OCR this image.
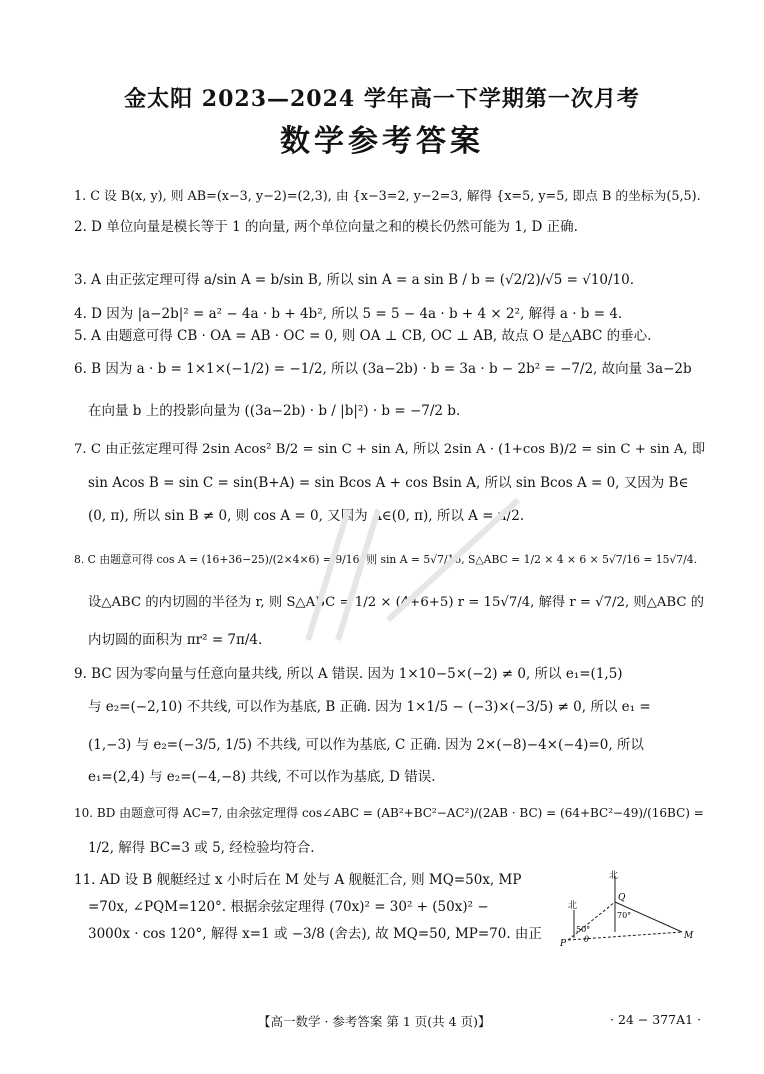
金太阳 2023—2024 学年高一下学期第一次月考
数学参考答案
1. C 设 B(x, y), 则 AB=(x−3, y−2)=(2,3), 由 {x−3=2, y−2=3, 解得 {x=5, y=5, 即点 B 的坐标为(5,5).
2. D 单位向量是模长等于 1 的向量, 两个单位向量之和的模长仍然可能为 1, D 正确.
3. A 由正弦定理可得 a/sin A = b/sin B, 所以 sin A = a sin B / b = (√2/2)/√5 = √10/10.
4. D 因为 |a−2b|² = a² − 4a · b + 4b², 所以 5 = 5 − 4a · b + 4 × 2², 解得 a · b = 4.
5. A 由题意可得 CB · OA = AB · OC = 0, 则 OA ⊥ CB, OC ⊥ AB, 故点 O 是△ABC 的垂心.
6. B 因为 a · b = 1×1×(−1/2) = −1/2, 所以 (3a−2b) · b = 3a · b − 2b² = −7/2, 故向量 3a−2b
在向量 b 上的投影向量为 ((3a−2b) · b / |b|²) · b = −7/2 b.
7. C 由正弦定理可得 2sin Acos² B/2 = sin C + sin A, 所以 2sin A · (1+cos B)/2 = sin C + sin A, 即
sin Acos B = sin C = sin(B+A) = sin Bcos A + cos Bsin A, 所以 sin Bcos A = 0, 又因为 B∈
(0, π), 所以 sin B ≠ 0, 则 cos A = 0, 又因为 A∈(0, π), 所以 A = π/2.
8. C 由题意可得 cos A = (16+36−25)/(2×4×6) = 9/16, 则 sin A = 5√7/16, S△ABC = 1/2 × 4 × 6 × 5√7/16 = 15√7/4.
设△ABC 的内切圆的半径为 r, 则 S△ABC = 1/2 × (4+6+5) r = 15√7/4, 解得 r = √7/2, 则△ABC 的
内切圆的面积为 πr² = 7π/4.
9. BC 因为零向量与任意向量共线, 所以 A 错误. 因为 1×10−5×(−2) ≠ 0, 所以 e₁=(1,5)
与 e₂=(−2,10) 不共线, 可以作为基底, B 正确. 因为 1×1/5 − (−3)×(−3/5) ≠ 0, 所以 e₁ =
(1,−3) 与 e₂=(−3/5, 1/5) 不共线, 可以作为基底, C 正确. 因为 2×(−8)−4×(−4)=0, 所以
e₁=(2,4) 与 e₂=(−4,−8) 共线, 不可以作为基底, D 错误.
10. BD 由题意可得 AC=7, 由余弦定理得 cos∠ABC = (AB²+BC²−AC²)/(2AB · BC) = (64+BC²−49)/(16BC) =
1/2, 解得 BC=3 或 5, 经检验均符合.
11. AD 设 B 舰艇经过 x 小时后在 M 处与 A 舰艇汇合, 则 MQ=50x, MP
=70x, ∠PQM=120°. 根据余弦定理得 (70x)² = 30² + (50x)² −
3000x · cos 120°, 解得 x=1 或 −3/8 (舍去), 故 MQ=50, MP=70. 由正
北
北
Q
P
M
70°
50°
θ
【高一数学 · 参考答案 第 1 页(共 4 页)】	· 24 − 377A1 ·
